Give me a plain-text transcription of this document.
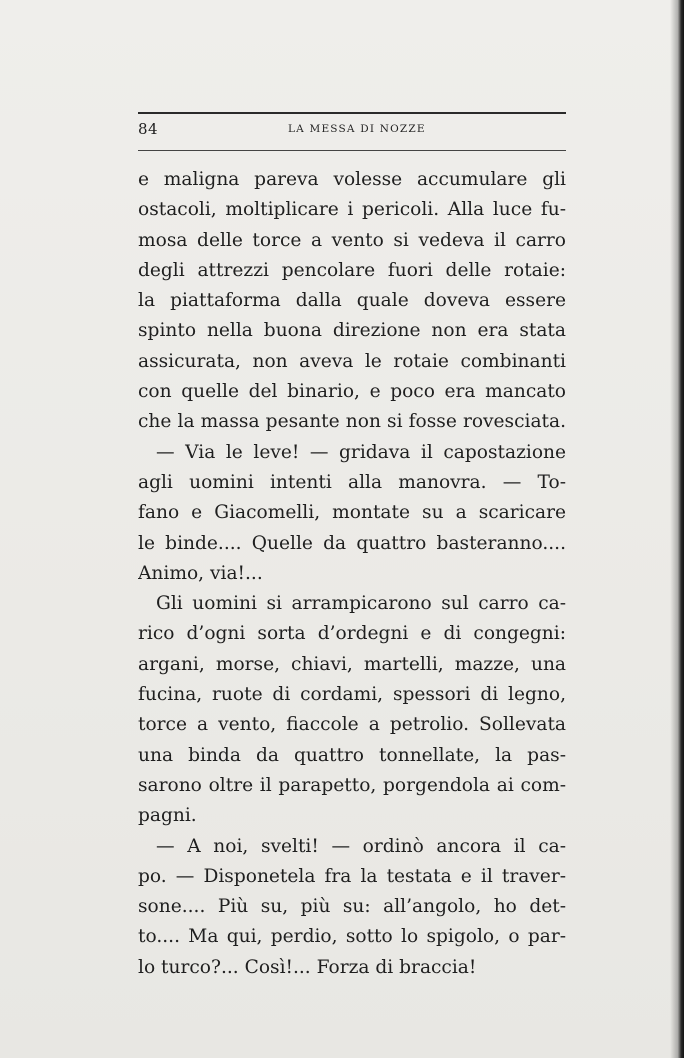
84	LA MESSA DI NOZZE
e maligna pareva volesse accumulare gli
ostacoli, moltiplicare i pericoli. Alla luce fu-
mosa delle torce a vento si vedeva il carro
degli attrezzi pencolare fuori delle rotaie:
la piattaforma dalla quale doveva essere
spinto nella buona direzione non era stata
assicurata, non aveva le rotaie combinanti
con quelle del binario, e poco era mancato
che la massa pesante non si fosse rovesciata.
— Via le leve! — gridava il capostazione
agli uomini intenti alla manovra. — To-
fano e Giacomelli, montate su a scaricare
le binde.... Quelle da quattro basteranno....
Animo, via!...
Gli uomini si arrampicarono sul carro ca-
rico d’ogni sorta d’ordegni e di congegni:
argani, morse, chiavi, martelli, mazze, una
fucina, ruote di cordami, spessori di legno,
torce a vento, fiaccole a petrolio. Sollevata
una binda da quattro tonnellate, la pas-
sarono oltre il parapetto, porgendola ai com-
pagni.
— A noi, svelti! — ordinò ancora il ca-
po. — Disponetela fra la testata e il traver-
sone.... Più su, più su: all’angolo, ho det-
to.... Ma qui, perdio, sotto lo spigolo, o par-
lo turco?... Così!... Forza di braccia!
